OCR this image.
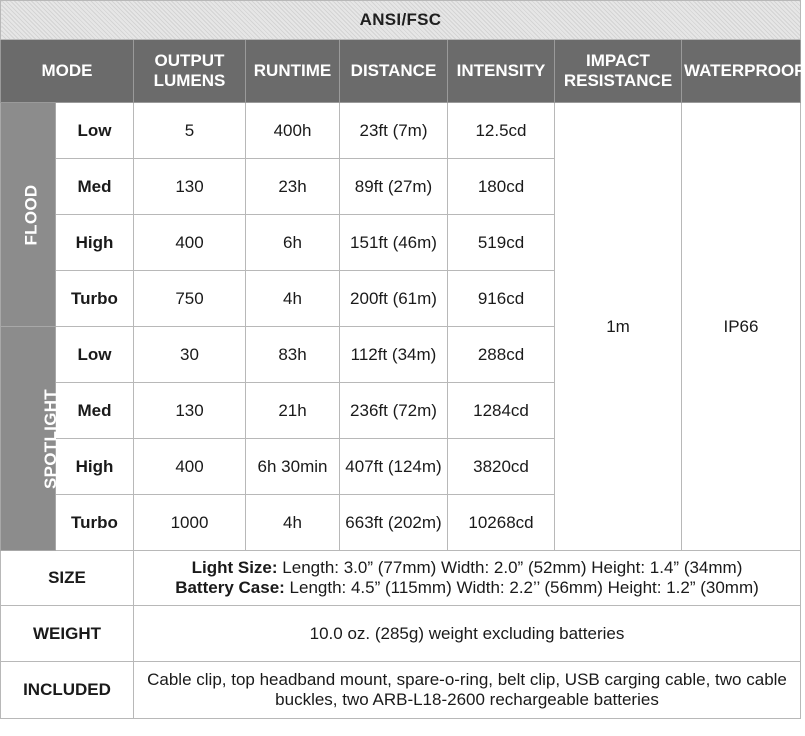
ANSI/FSC							
MODE		OUTPUT LUMENS	RUNTIME	DISTANCE	INTENSITY	IMPACT RESISTANCE	WATERPROOF
FLOOD	Low	5	400h	23ft (7m)	12.5cd	1m	IP66
	Med	130	23h	89ft (27m)	180cd		
	High	400	6h	151ft (46m)	519cd		
	Turbo	750	4h	200ft (61m)	916cd		
SPOTLIGHT	Low	30	83h	112ft (34m)	288cd		
	Med	130	21h	236ft (72m)	1284cd		
	High	400	6h 30min	407ft (124m)	3820cd		
	Turbo	1000	4h	663ft (202m)	10268cd		
SIZE		Light Size: Length: 3.0” (77mm) Width: 2.0” (52mm) Height: 1.4” (34mm)
Battery Case: Length: 4.5” (115mm) Width: 2.2’’ (56mm) Height: 1.2” (30mm)					

WEIGHT		10.0 oz. (285g) weight excluding batteries					
INCLUDED		Cable clip, top headband mount, spare-o-ring, belt clip, USB carging cable, two cable buckles, two ARB-L18-2600 rechargeable batteries					
